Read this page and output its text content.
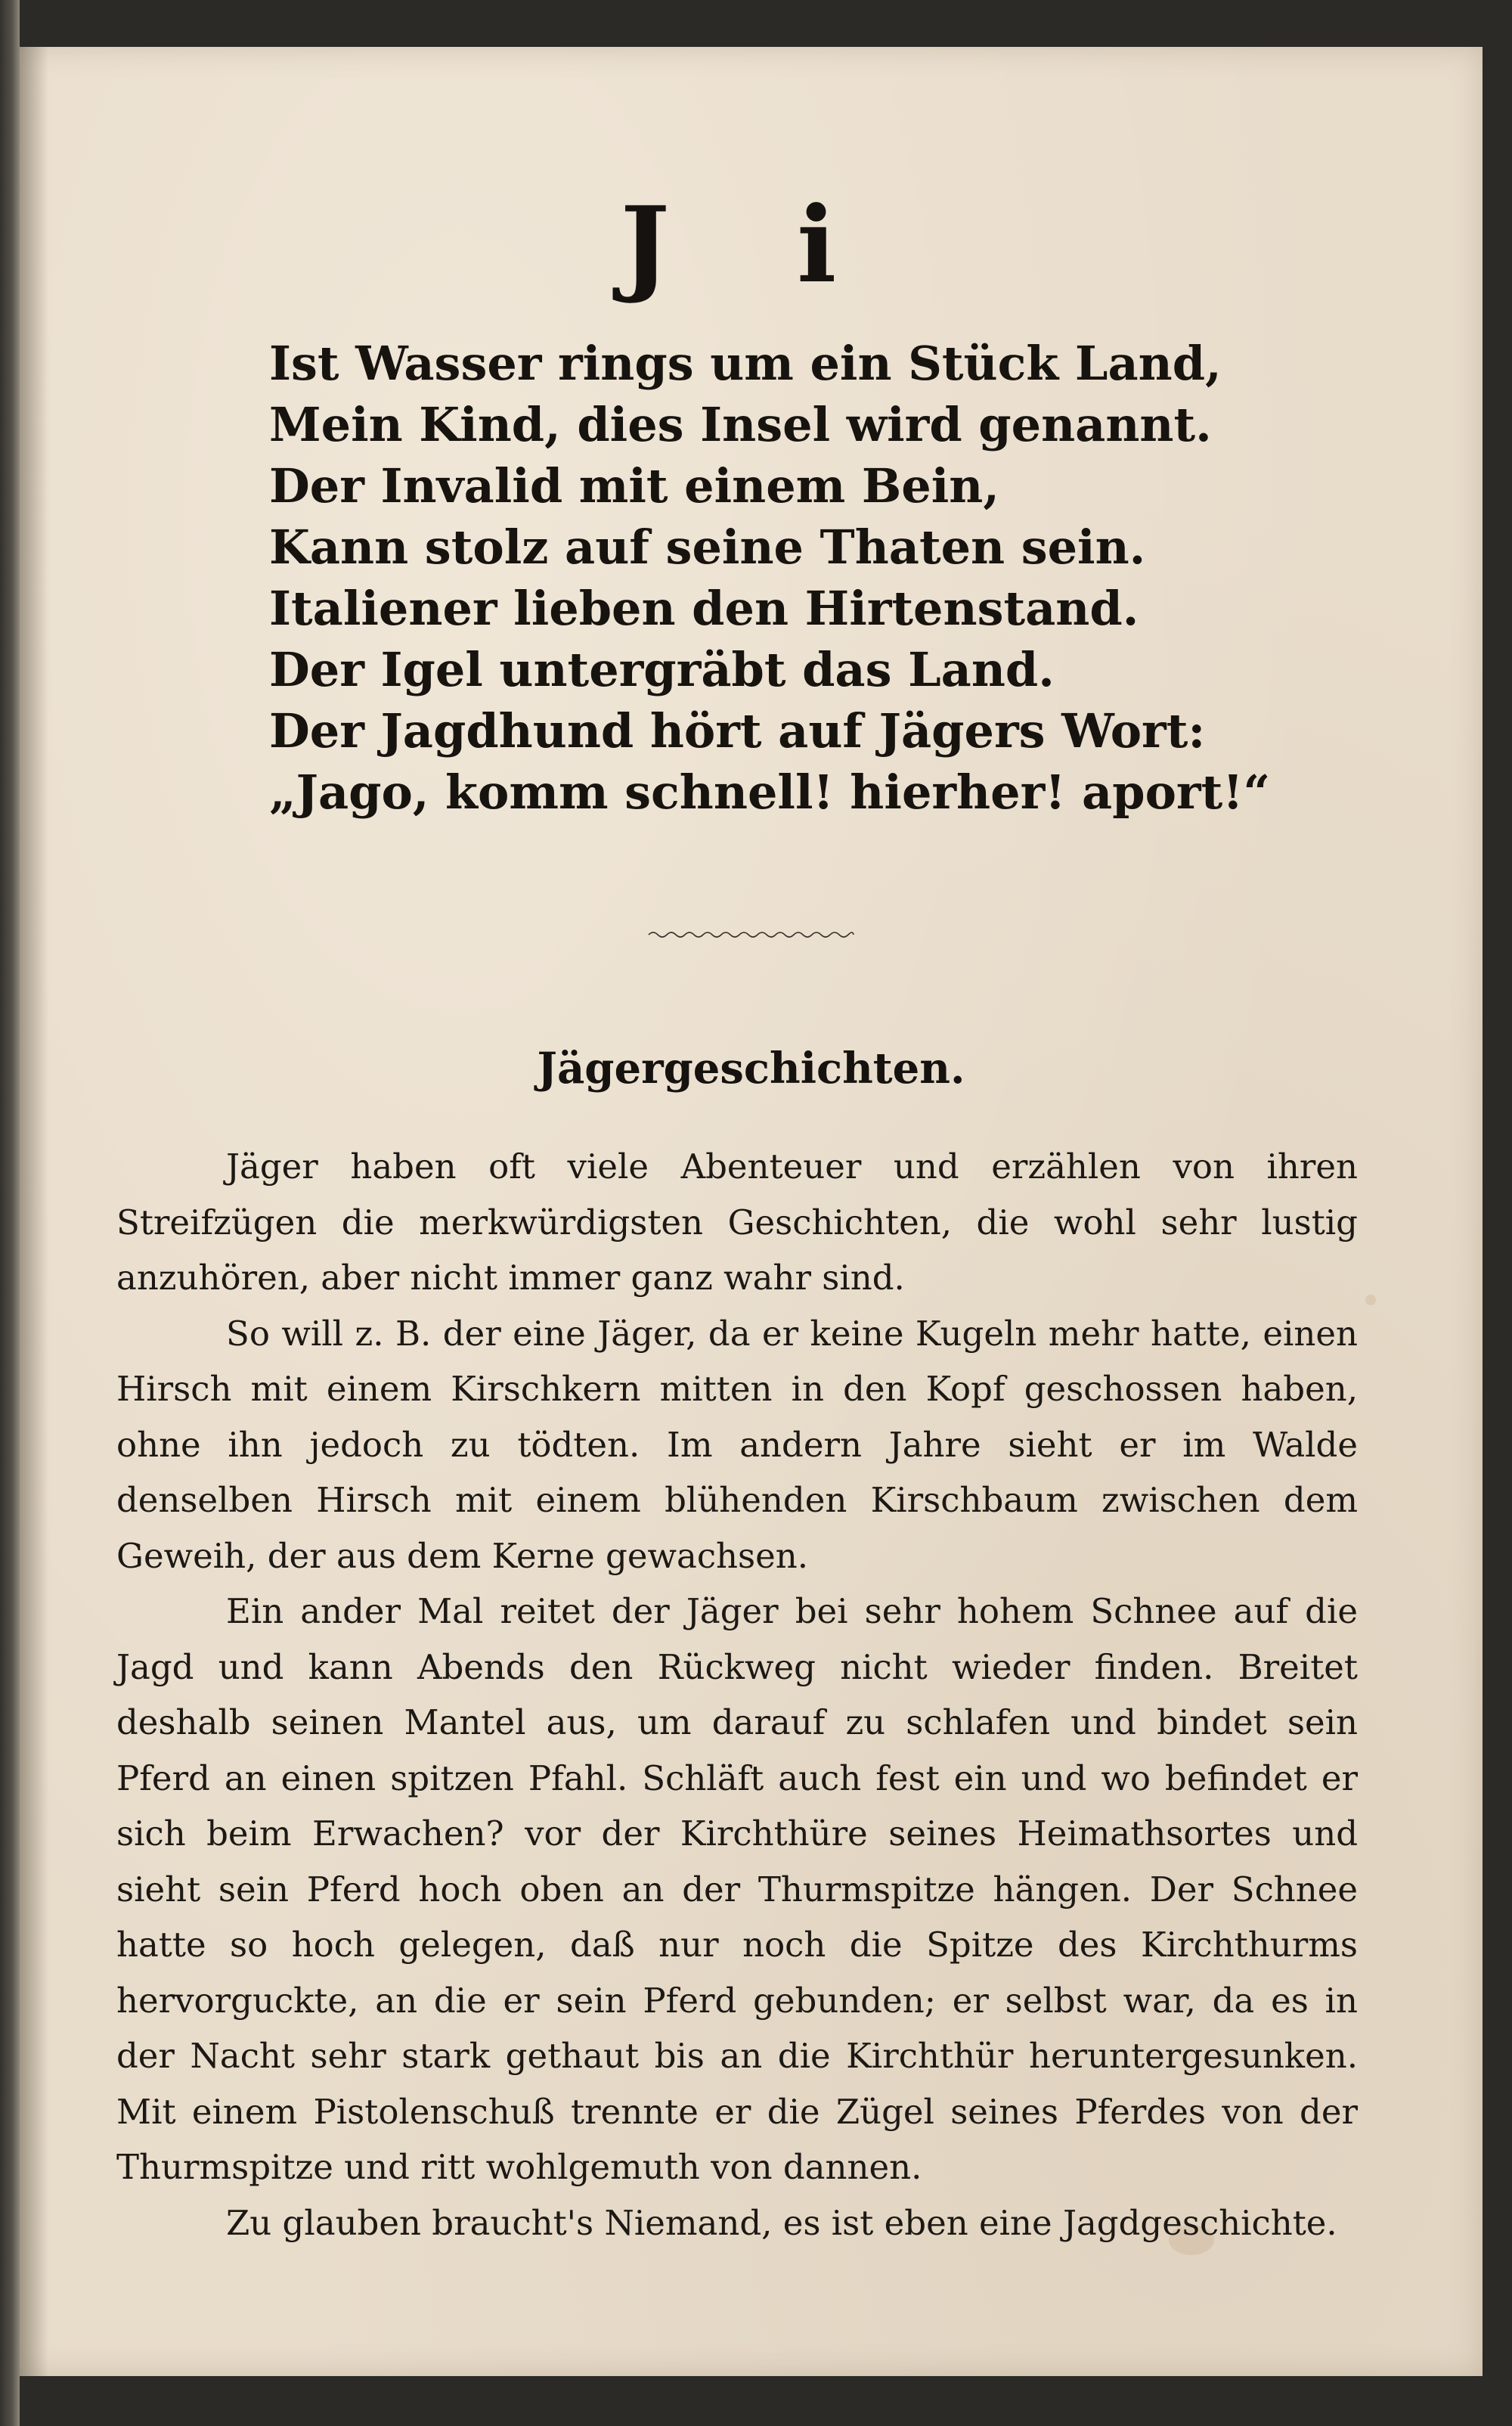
J i
Ist Wasser rings um ein Stück Land,
Mein Kind, dies Insel wird genannt.
Der Invalid mit einem Bein,
Kann stolz auf seine Thaten sein.
Italiener lieben den Hirtenstand.
Der Igel untergräbt das Land.
Der Jagdhund hört auf Jägers Wort:
„Jago, komm schnell! hierher! aport!“
Jägergeschichten.

Jäger haben oft viele Abenteuer und erzählen von ihren Streifzügen die merkwürdigsten Geschichten, die wohl sehr lustig anzuhören, aber nicht immer ganz wahr sind.

So will z. B. der eine Jäger, da er keine Kugeln mehr hatte, einen Hirsch mit einem Kirschkern mitten in den Kopf geschossen haben, ohne ihn jedoch zu tödten. Im andern Jahre sieht er im Walde denselben Hirsch mit einem blühenden Kirschbaum zwischen dem Geweih, der aus dem Kerne gewachsen.

Ein ander Mal reitet der Jäger bei sehr hohem Schnee auf die Jagd und kann Abends den Rückweg nicht wieder finden. Breitet deshalb seinen Mantel aus, um darauf zu schlafen und bindet sein Pferd an einen spitzen Pfahl. Schläft auch fest ein und wo befindet er sich beim Erwachen? vor der Kirchthüre seines Heimathsortes und sieht sein Pferd hoch oben an der Thurmspitze hängen. Der Schnee hatte so hoch gelegen, daß nur noch die Spitze des Kirchthurms hervorguckte, an die er sein Pferd gebunden; er selbst war, da es in der Nacht sehr stark gethaut bis an die Kirchthür heruntergesunken. Mit einem Pistolenschuß trennte er die Zügel seines Pferdes von der Thurmspitze und ritt wohlgemuth von dannen.

Zu glauben braucht's Niemand, es ist eben eine Jagdgeschichte.
